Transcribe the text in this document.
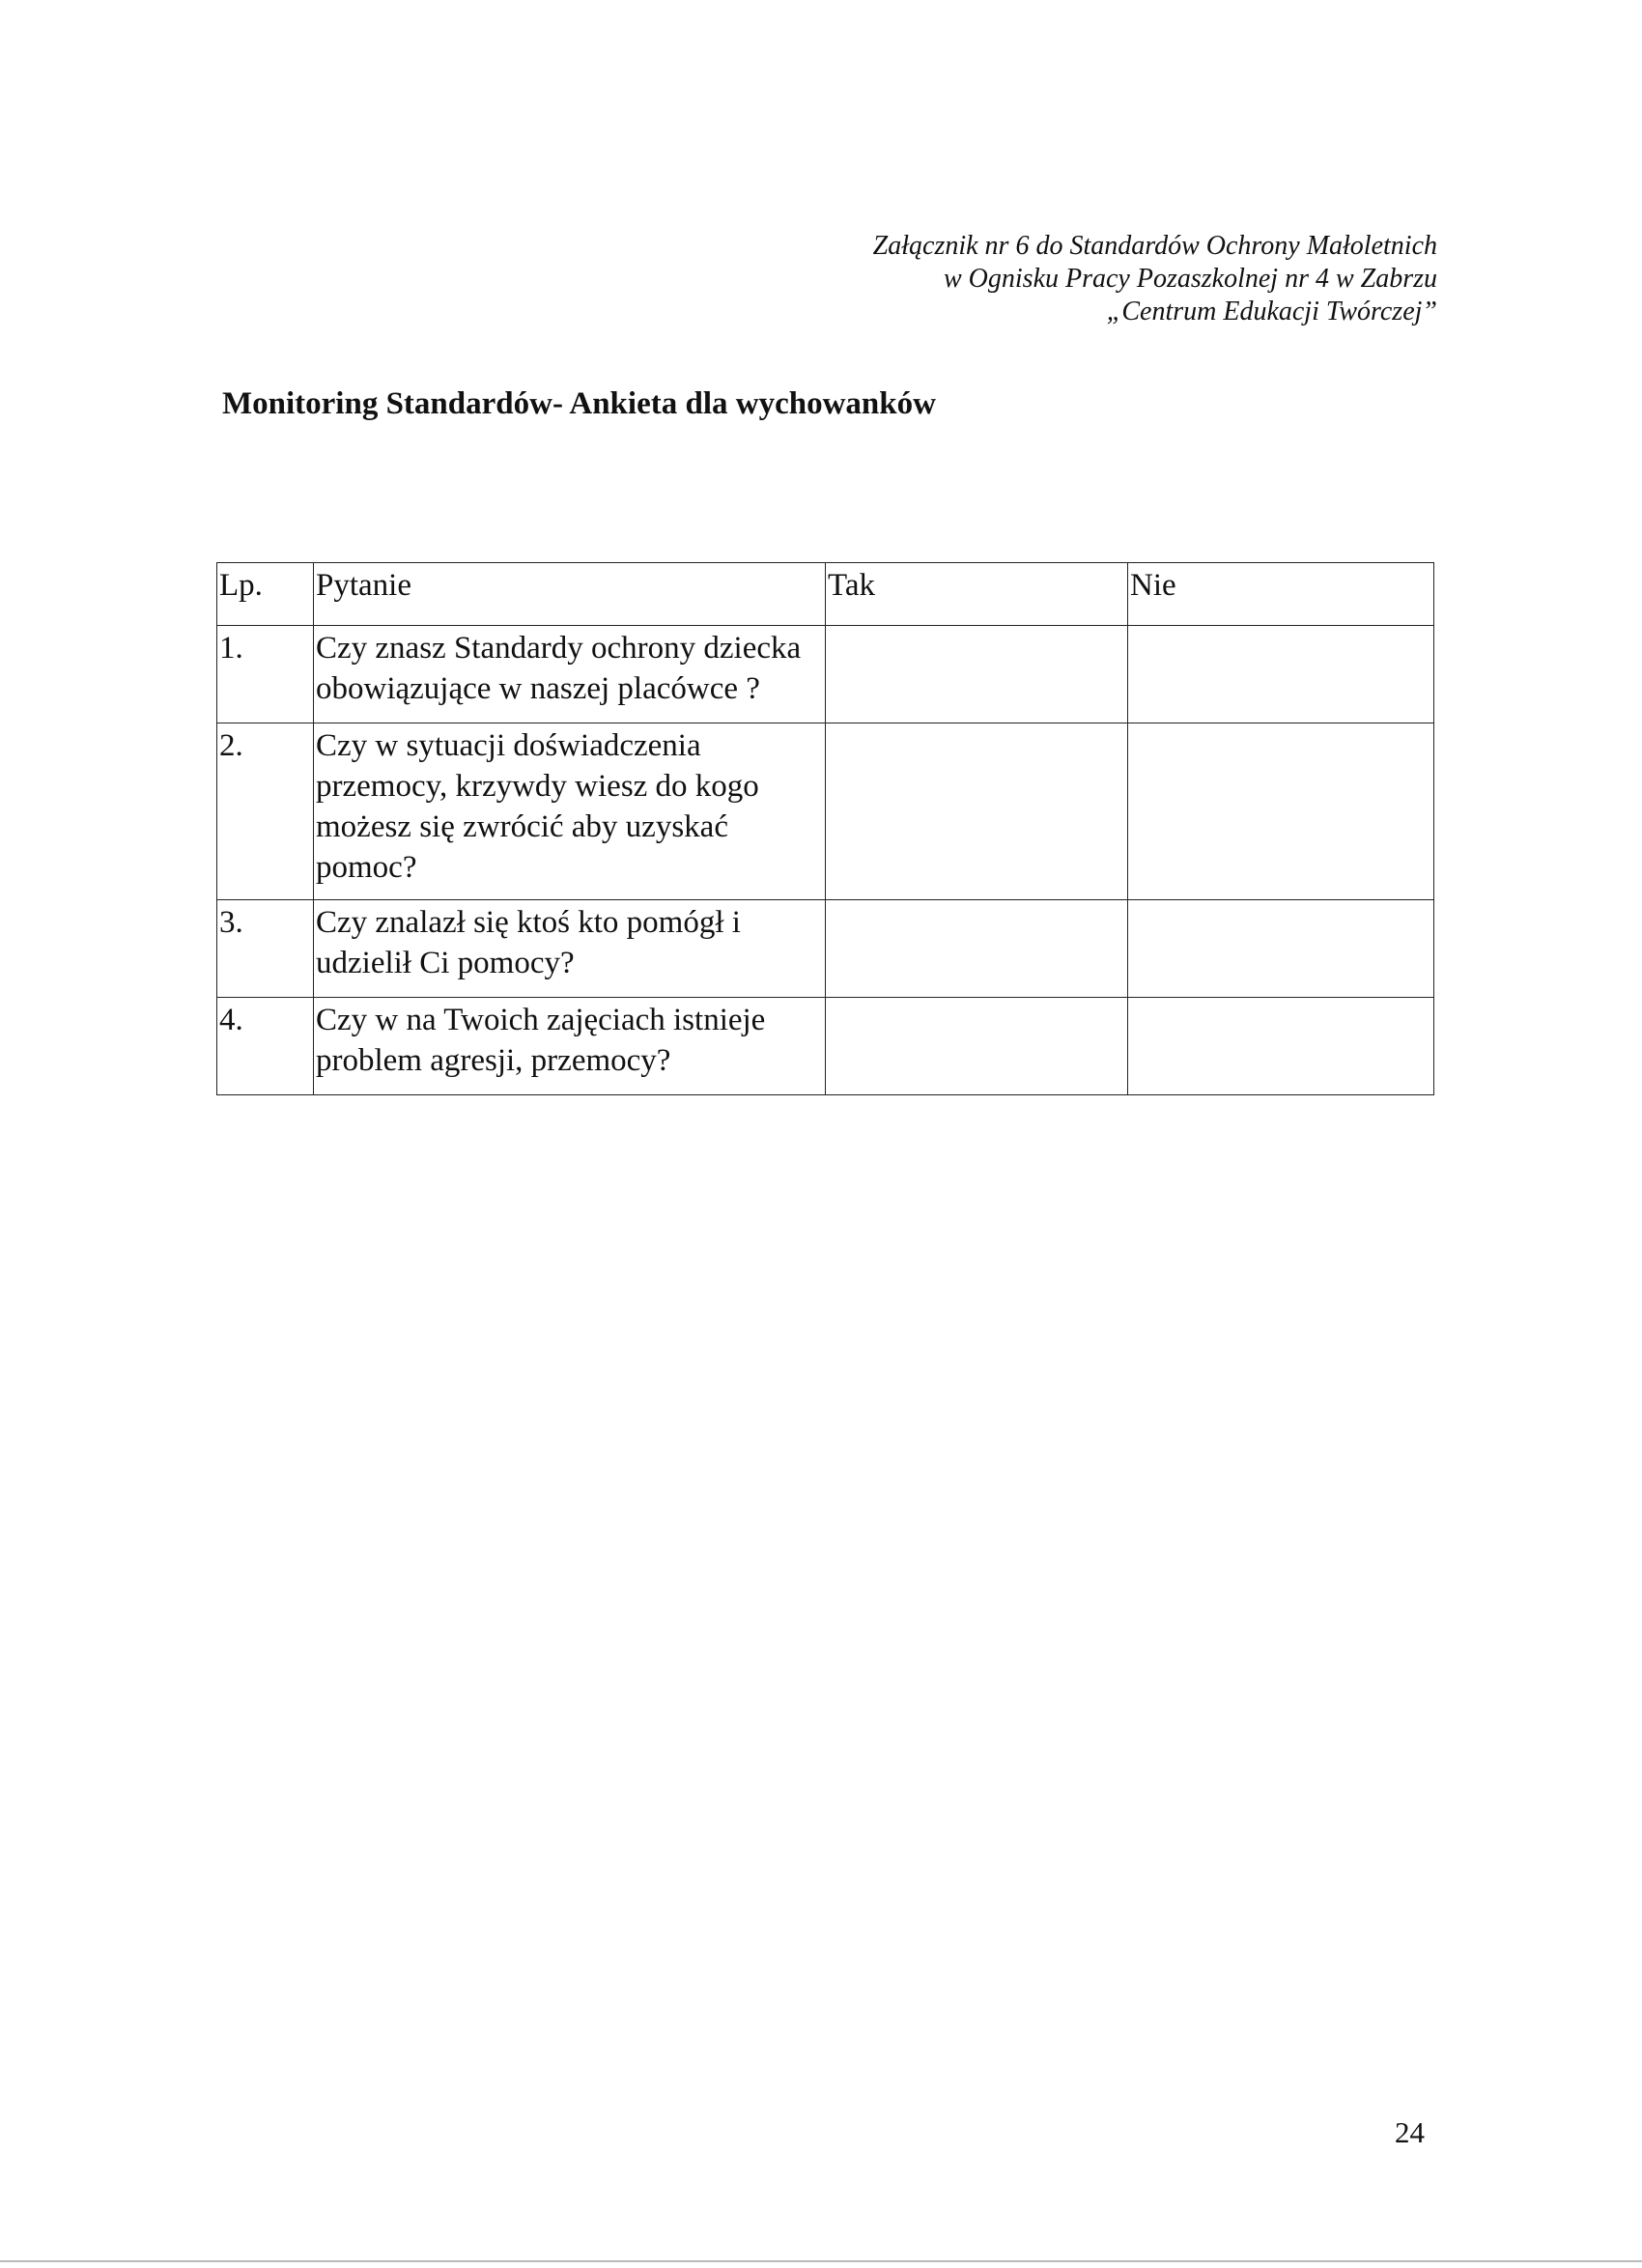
Załącznik nr 6 do Standardów Ochrony Małoletnich
w Ognisku Pracy Pozaszkolnej nr 4 w Zabrzu
„Centrum Edukacji Twórczej”
Monitoring Standardów- Ankieta dla wychowanków
Lp.	Pytanie	Tak	Nie
1.	Czy znasz Standardy ochrony dziecka obowiązujące w naszej placówce ?		
2.	Czy w sytuacji doświadczenia przemocy, krzywdy wiesz do kogo możesz się zwrócić aby uzyskać pomoc?		
3.	Czy znalazł się ktoś kto pomógł i udzielił Ci pomocy?		
4.	Czy w na Twoich zajęciach istnieje problem agresji, przemocy?		
24
